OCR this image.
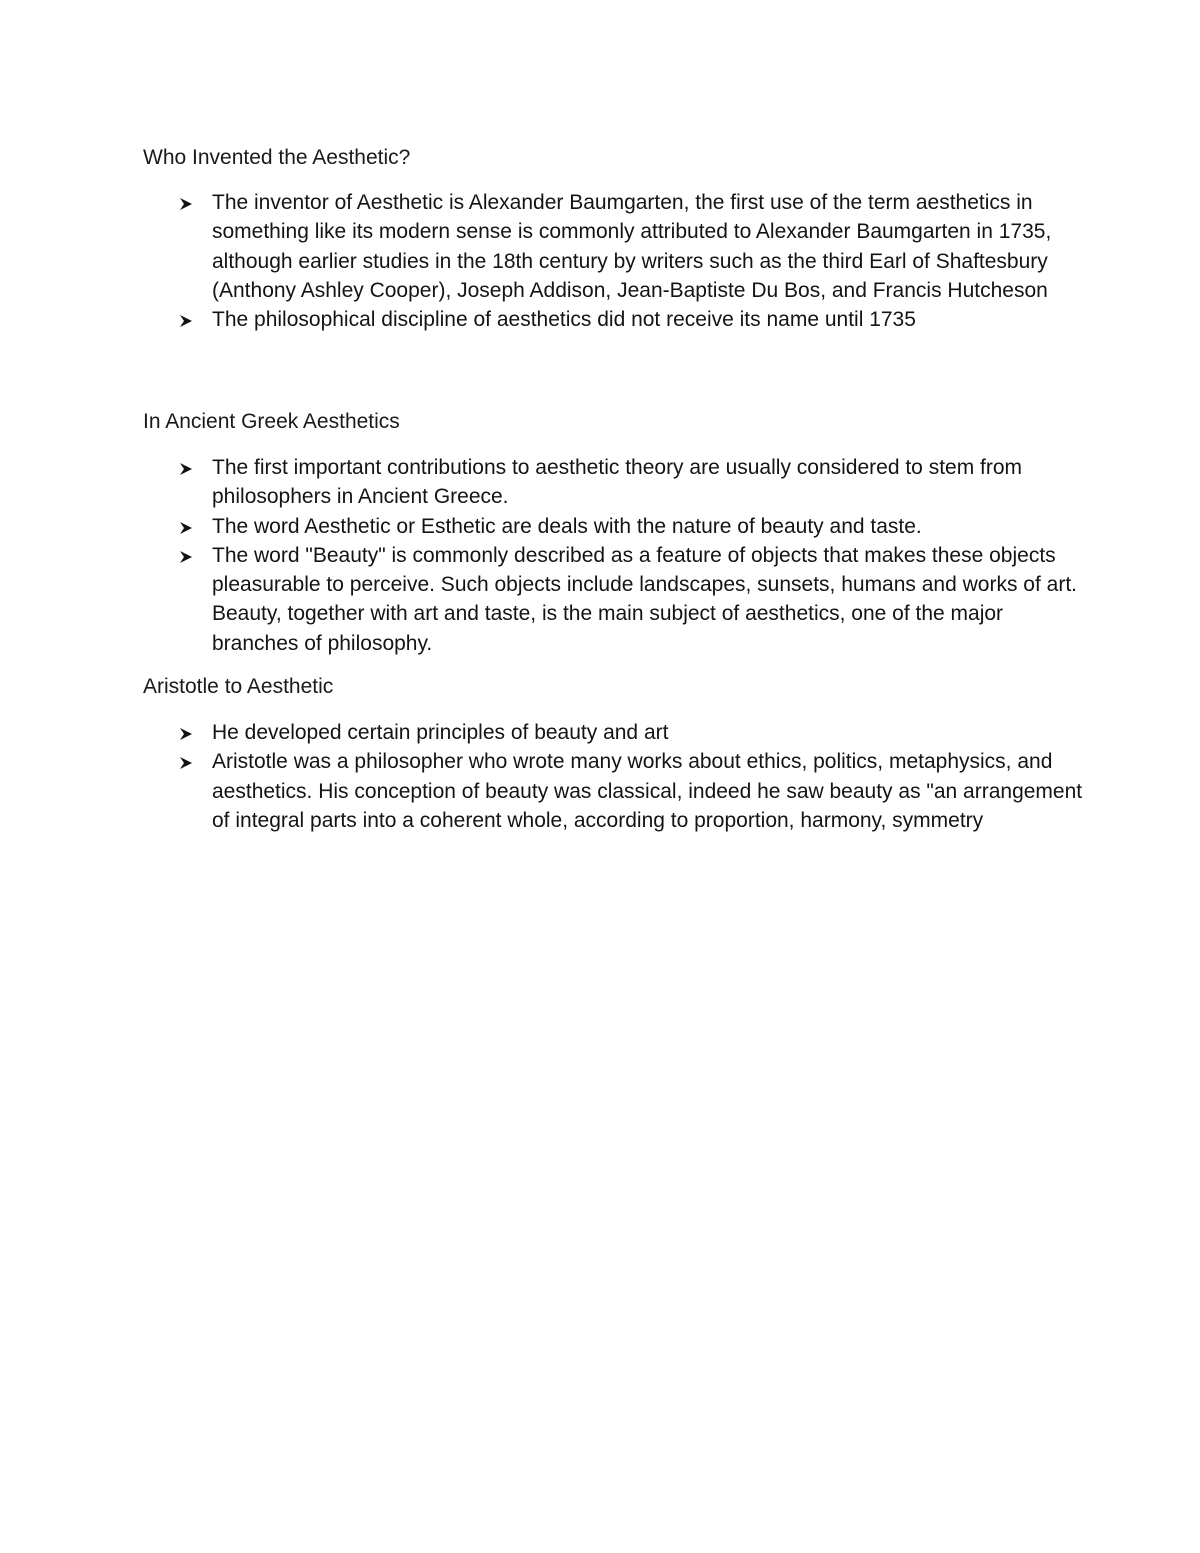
Who Invented the Aesthetic?

The inventor of Aesthetic is Alexander Baumgarten, the first use of the term aesthetics in something like its modern sense is commonly attributed to Alexander Baumgarten in 1735, although earlier studies in the 18th century by writers such as the third Earl of Shaftesbury (Anthony Ashley Cooper), Joseph Addison, Jean-Baptiste Du Bos, and Francis Hutcheson
The philosophical discipline of aesthetics did not receive its name until 1735

In Ancient Greek Aesthetics

The first important contributions to aesthetic theory are usually considered to stem from philosophers in Ancient Greece.
The word Aesthetic or Esthetic are deals with the nature of beauty and taste.
The word "Beauty" is commonly described as a feature of objects that makes these objects pleasurable to perceive. Such objects include landscapes, sunsets, humans and works of art. Beauty, together with art and taste, is the main subject of aesthetics, one of the major branches of philosophy.

Aristotle to Aesthetic

He developed certain principles of beauty and art
Aristotle was a philosopher who wrote many works about ethics, politics, metaphysics, and aesthetics. His conception of beauty was classical, indeed he saw beauty as "an arrangement of integral parts into a coherent whole, according to proportion, harmony, symmetry
